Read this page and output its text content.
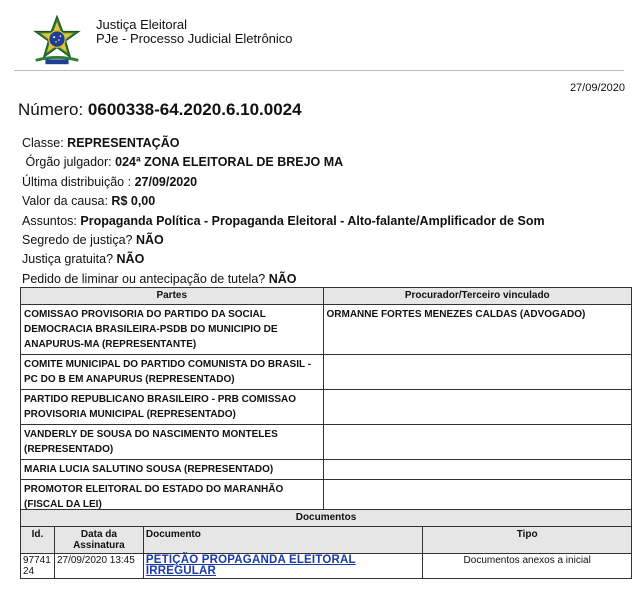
Justiça Eleitoral
PJe - Processo Judicial Eletrônico
27/09/2020
Número: 0600338-64.2020.6.10.0024
Classe: REPRESENTAÇÃO
Órgão julgador: 024ª ZONA ELEITORAL DE BREJO MA
Última distribuição : 27/09/2020
Valor da causa: R$ 0,00
Assuntos: Propaganda Política - Propaganda Eleitoral - Alto-falante/Amplificador de Som
Segredo de justiça? NÃO
Justiça gratuita? NÃO
Pedido de liminar ou antecipação de tutela? NÃO
Partes	Procurador/Terceiro vinculado
COMISSAO PROVISORIA DO PARTIDO DA SOCIAL DEMOCRACIA BRASILEIRA-PSDB DO MUNICIPIO DE ANAPURUS-MA (REPRESENTANTE)	ORMANNE FORTES MENEZES CALDAS (ADVOGADO)
COMITE MUNICIPAL DO PARTIDO COMUNISTA DO BRASIL - PC DO B EM ANAPURUS (REPRESENTADO)	
PARTIDO REPUBLICANO BRASILEIRO - PRB COMISSAO PROVISORIA MUNICIPAL (REPRESENTADO)	
VANDERLY DE SOUSA DO NASCIMENTO MONTELES (REPRESENTADO)	
MARIA LUCIA SALUTINO SOUSA (REPRESENTADO)	
PROMOTOR ELEITORAL DO ESTADO DO MARANHÃO (FISCAL DA LEI)	
Documentos			
Id.	Data da Assinatura	Documento	Tipo
9774124	27/09/2020 13:45	PETIÇÃO PROPAGANDA ELEITORAL IRREGULAR	Documentos anexos a inicial
